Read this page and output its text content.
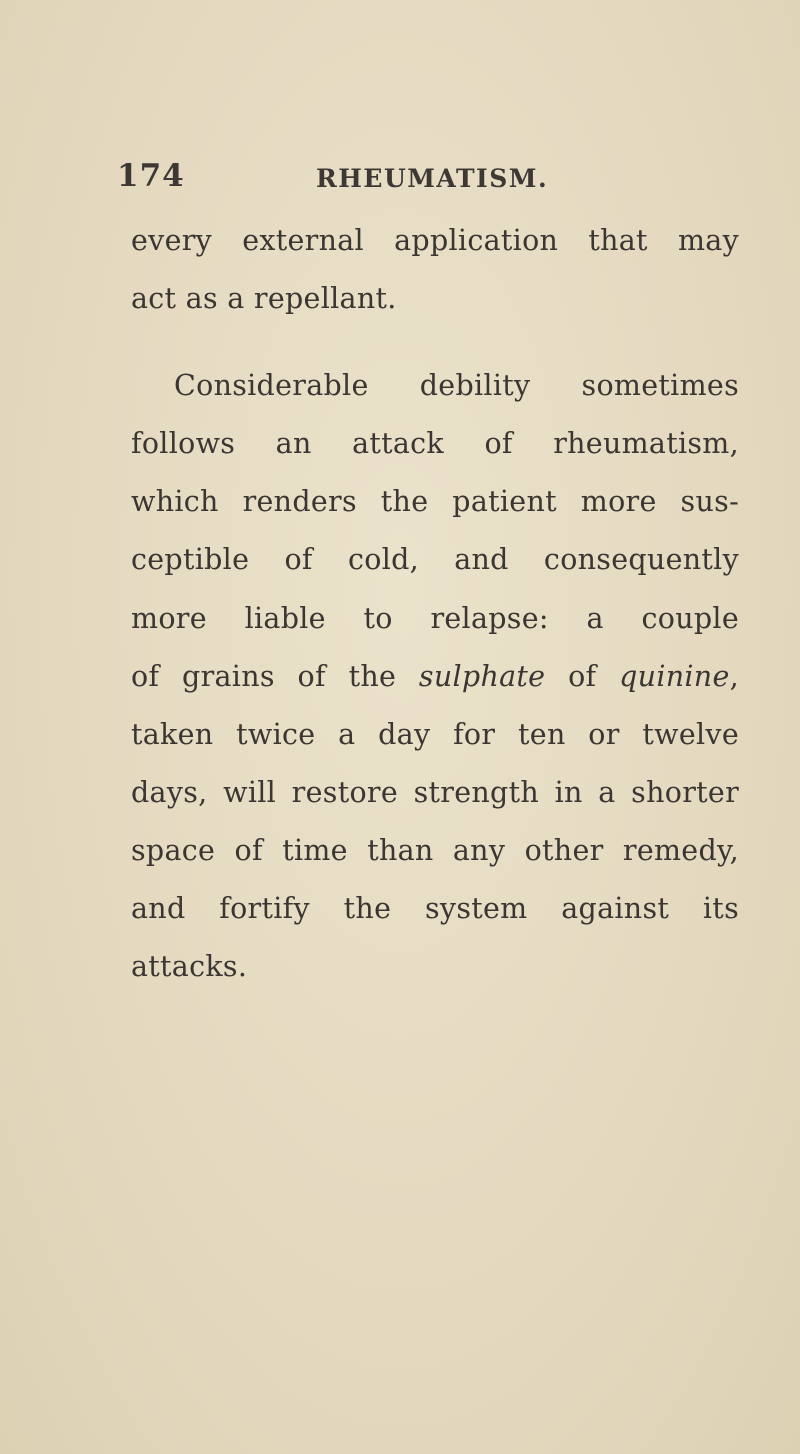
174	RHEUMATISM.
every external application that may
act as a repellant.
Considerable debility sometimes
follows an attack of rheumatism,
which renders the patient more sus-
ceptible of cold, and consequently
more liable to relapse: a couple
of grains of the sulphate of quinine,
taken twice a day for ten or twelve
days, will restore strength in a shorter
space of time than any other remedy,
and fortify the system against its
attacks.
